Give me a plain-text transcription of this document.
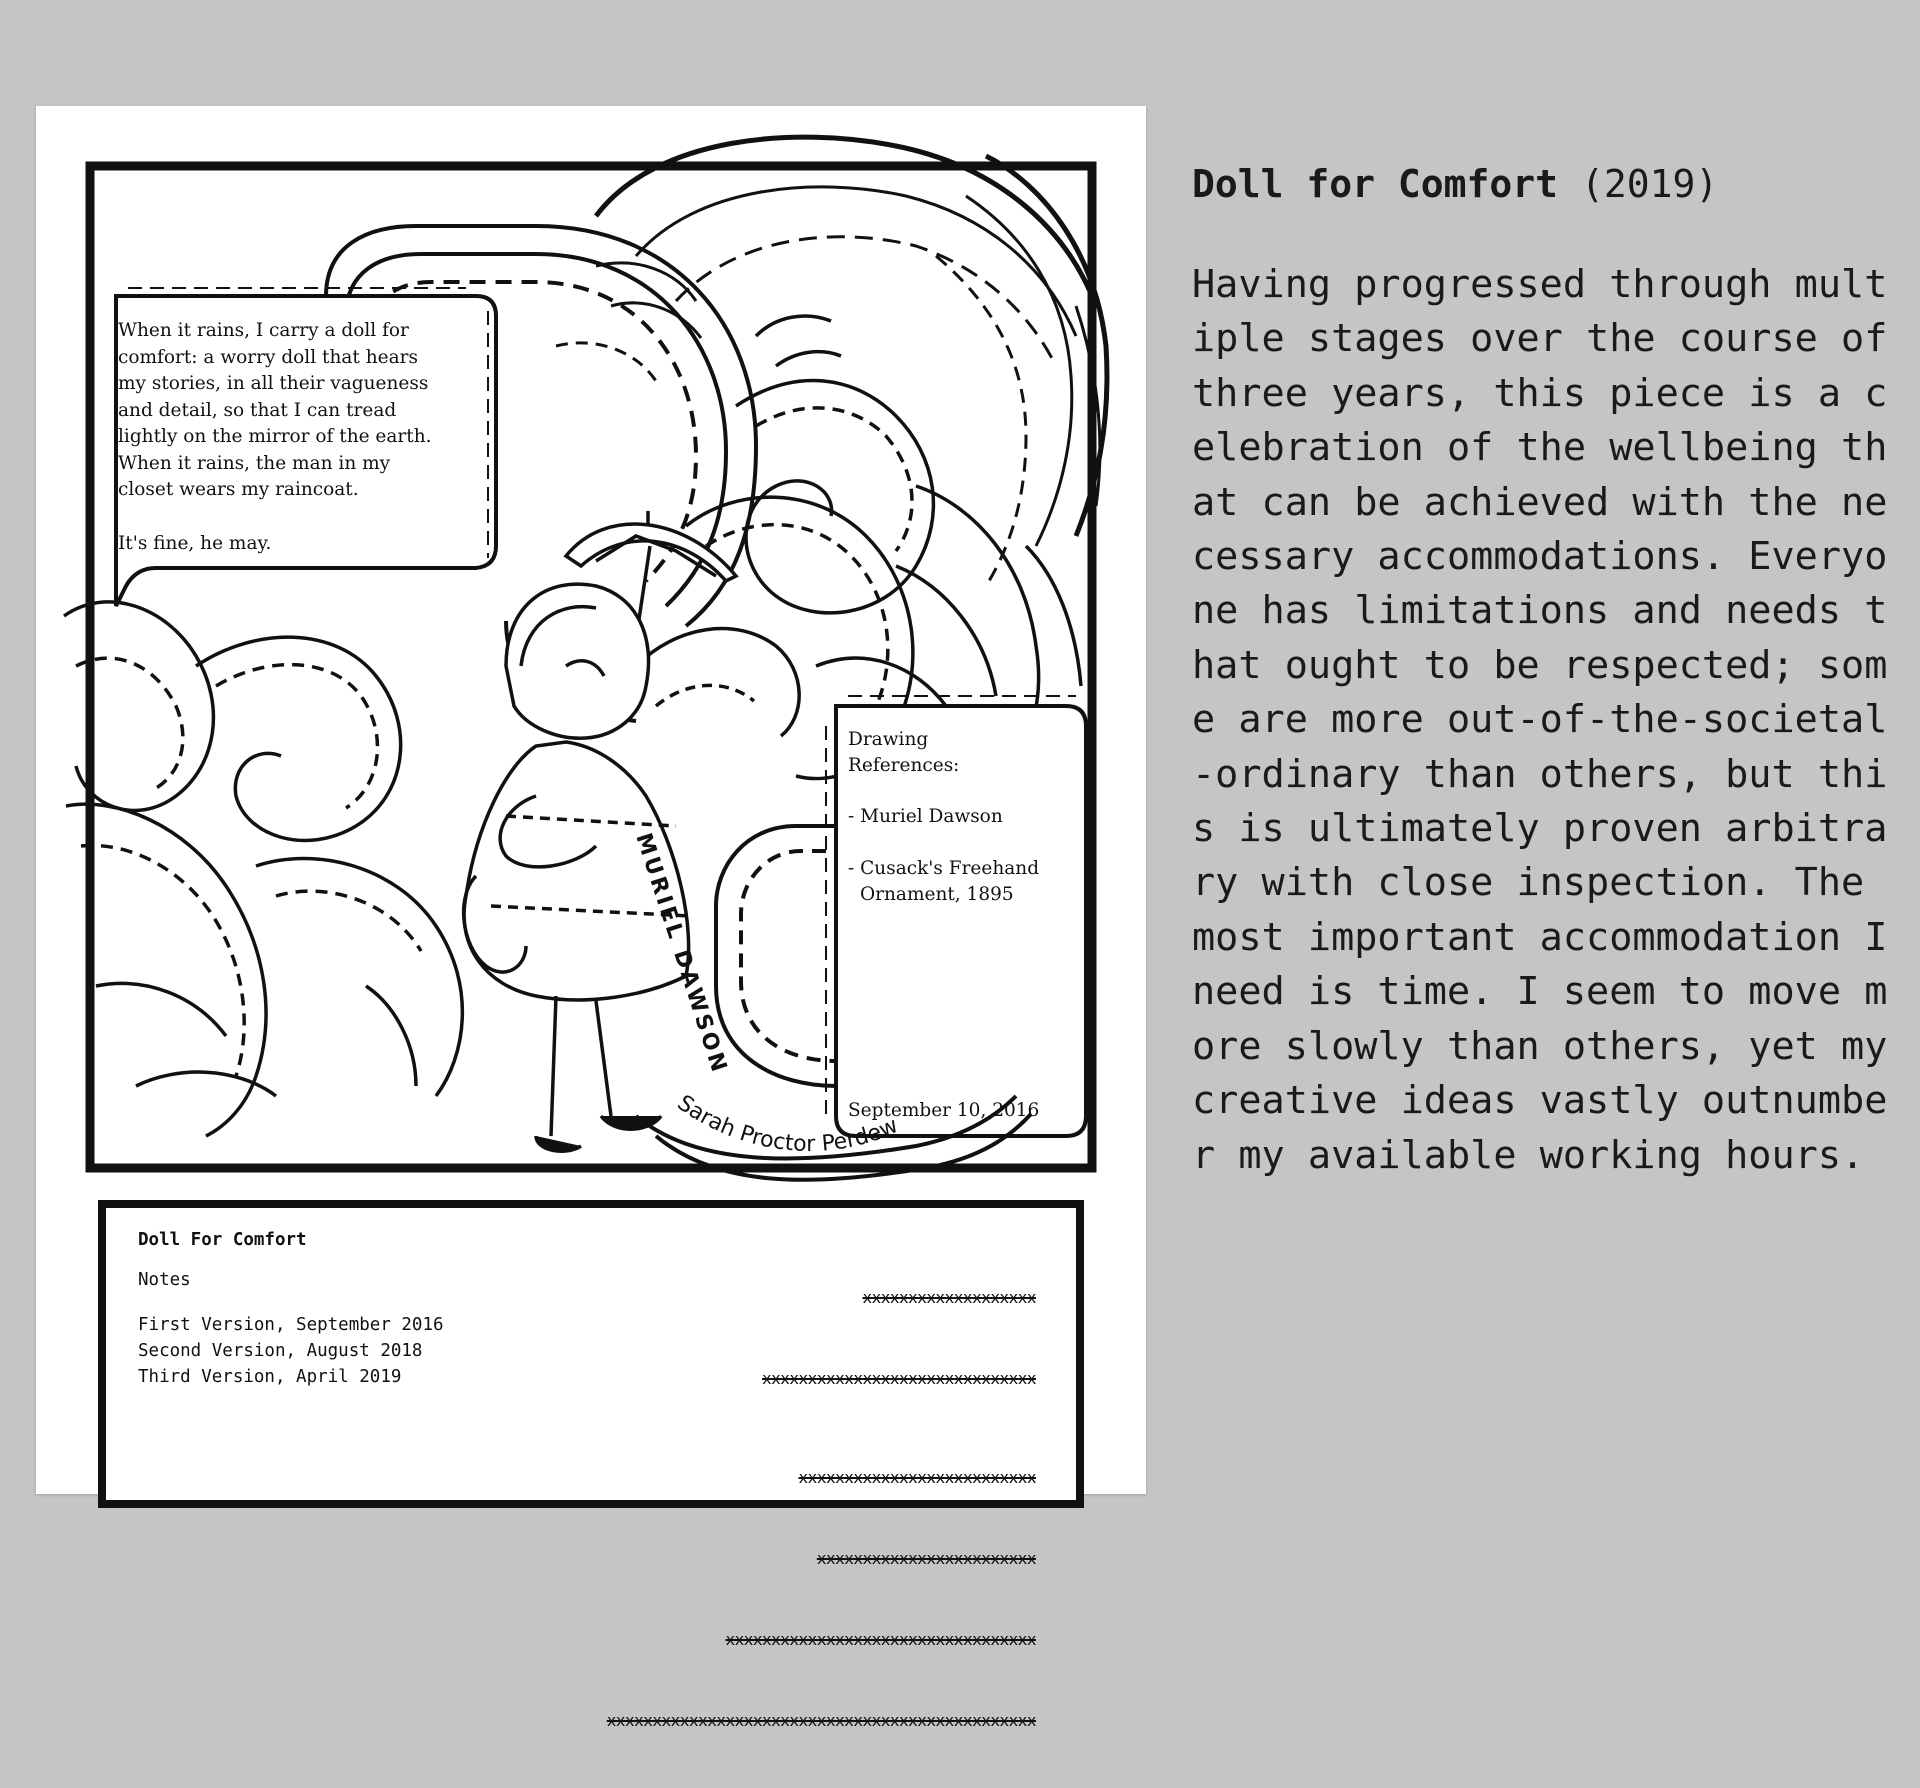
MURIEL DAWSON
Sarah Proctor Perdew

When it rains, I carry a doll for

comfort: a worry doll that hears

my stories, in all their vagueness

and detail, so that I can tread

lightly on the mirror of the earth.

When it rains, the man in my

closet wears my raincoat.

It's fine, he may.

Drawing

References:

- Muriel Dawson

- Cusack's Freehand

Ornament, 1895

September 10, 2016

Doll For Comfort

Notes

First Version, September 2016
Second Version, August 2018
Third Version, April 2019

xxxxxxxxxxxxxxxxxxx

xxxxxxxxxxxxxxxxxxxxxxxxxxxxxx

xxxxxxxxxxxxxxxxxxxxxxxxxx

xxxxxxxxxxxxxxxxxxxxxxxx

xxxxxxxxxxxxxxxxxxxxxxxxxxxxxxxxxx

xxxxxxxxxxxxxxxxxxxxxxxxxxxxxxxxxxxxxxxxxxxxxxx

Doll for Comfort (2019)

Having progressed through multiple stages over the course of three years, this piece is a celebration of the wellbeing that can be achieved with the necessary accommodations. Everyone has limitations and needs that ought to be respected; some are more out-of-the-societal-ordinary than others, but this is ultimately proven arbitrary with close inspection. The most important accommodation I need is time. I seem to move more slowly than others, yet my creative ideas vastly outnumber my available working hours.
